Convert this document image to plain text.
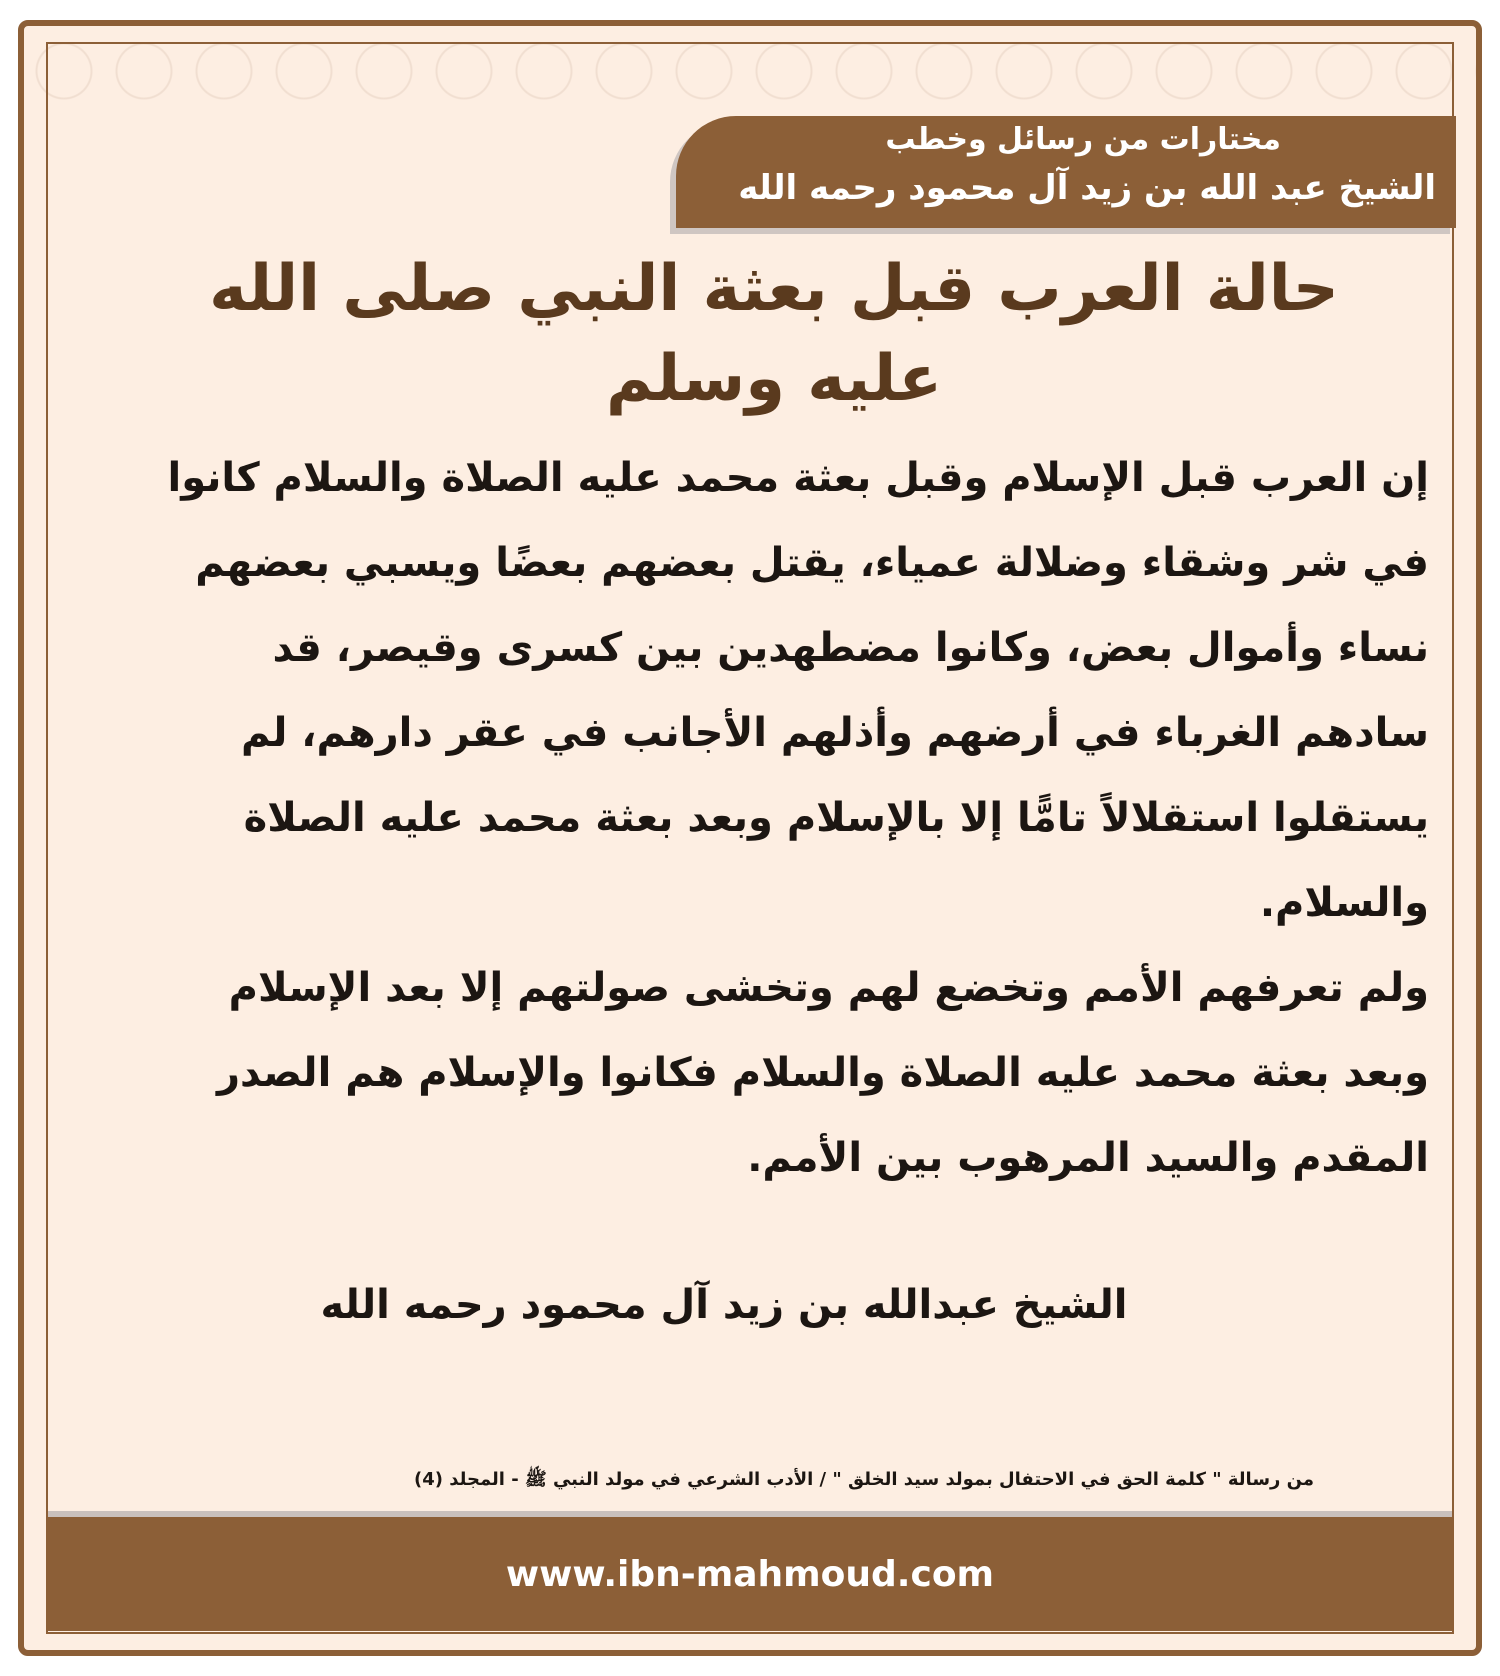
مختارات من رسائل وخطب
الشيخ عبد الله بن زيد آل محمود رحمه الله
حالة العرب قبل بعثة النبي صلى الله عليه وسلم

إن العرب قبل الإسلام وقبل بعثة محمد عليه الصلاة والسلام كانوا في شر وشقاء وضلالة عمياء، يقتل بعضهم بعضًا ويسبي بعضهم نساء وأموال بعض، وكانوا مضطهدين بين كسرى وقيصر، قد سادهم الغرباء في أرضهم وأذلهم الأجانب في عقر دارهم، لم يستقلوا استقلالاً تامًّا إلا بالإسلام وبعد بعثة محمد عليه الصلاة والسلام.

ولم تعرفهم الأمم وتخضع لهم وتخشى صولتهم إلا بعد الإسلام وبعد بعثة محمد عليه الصلاة والسلام فكانوا والإسلام هم الصدر المقدم والسيد المرهوب بين الأمم.

الشيخ عبدالله بن زيد آل محمود رحمه الله
من رسالة " كلمة الحق في الاحتفال بمولد سيد الخلق " / الأدب الشرعي في مولد النبي ﷺ - المجلد (4)
www.ibn-mahmoud.com
